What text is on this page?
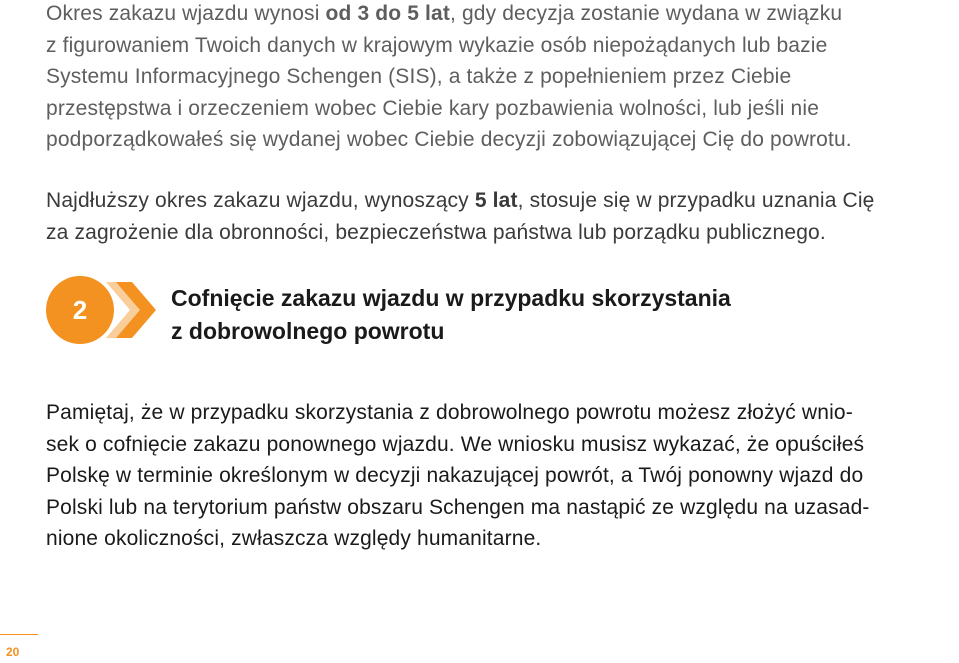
Okres zakazu wjazdu wynosi od 3 do 5 lat, gdy decyzja zostanie wydana w związku
z figurowaniem Twoich danych w krajowym wykazie osób niepożądanych lub bazie
Systemu Informacyjnego Schengen (SIS), a także z popełnieniem przez Ciebie
przestępstwa i orzeczeniem wobec Ciebie kary pozbawienia wolności, lub jeśli nie
podporządkowałeś się wydanej wobec Ciebie decyzji zobowiązującej Cię do powrotu.

Najdłuższy okres zakazu wjazdu, wynoszący 5 lat, stosuje się w przypadku uznania Cię
za zagrożenie dla obronności, bezpieczeństwa państwa lub porządku publicznego.

2	Cofnięcie zakazu wjazdu w przypadku skorzystania
z dobrowolnego powrotu

Pamiętaj, że w przypadku skorzystania z dobrowolnego powrotu możesz złożyć wnio-
sek o cofnięcie zakazu ponownego wjazdu. We wniosku musisz wykazać, że opuściłeś
Polskę w terminie określonym w decyzji nakazującej powrót, a Twój ponowny wjazd do
Polski lub na terytorium państw obszaru Schengen ma nastąpić ze względu na uzasad-
nione okoliczności, zwłaszcza względy humanitarne.

20
